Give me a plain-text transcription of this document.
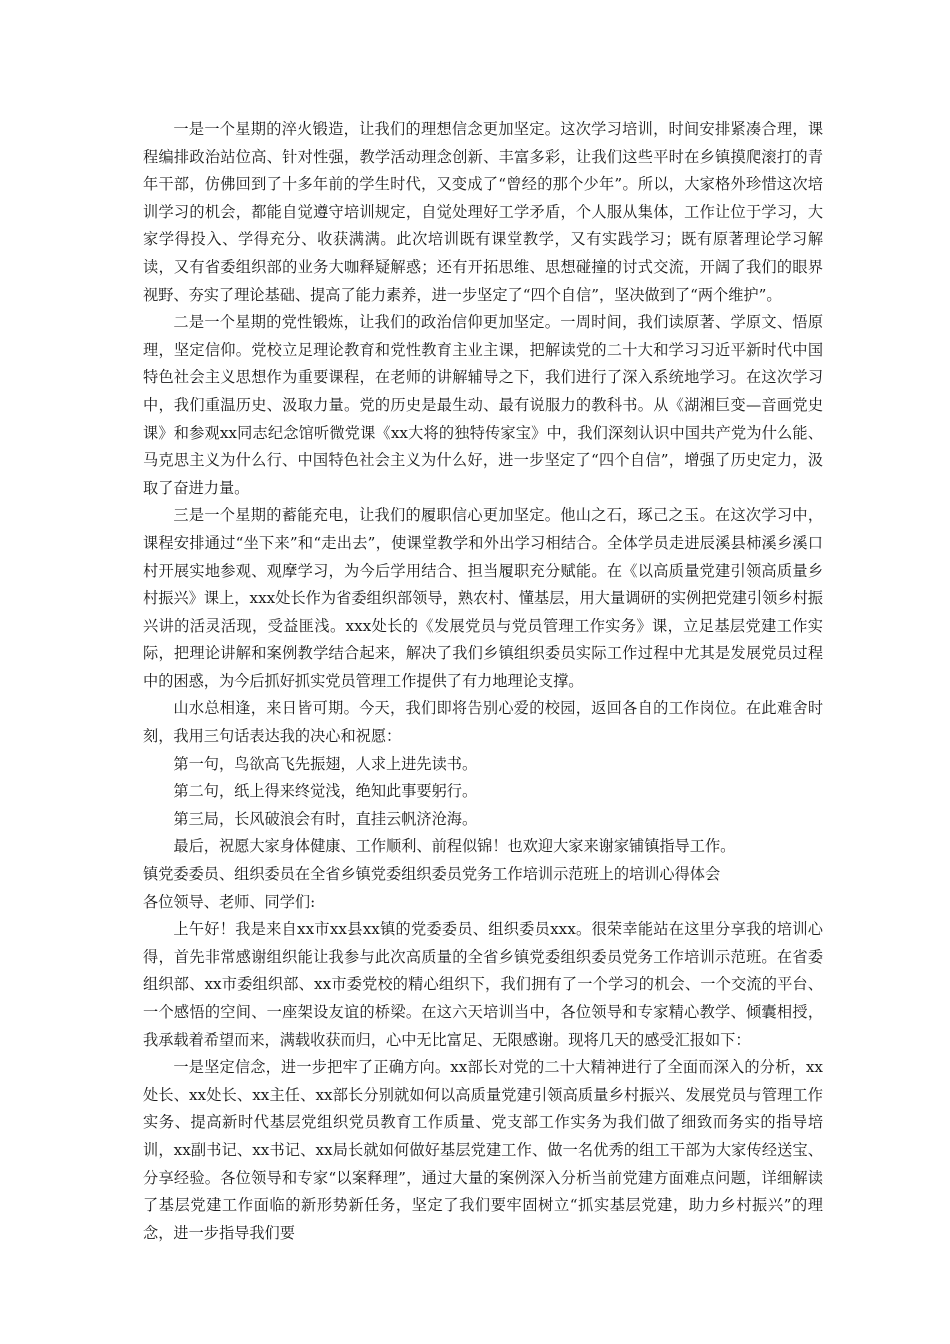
一是一个星期的淬火锻造，让我们的理想信念更加坚定。这次学习培训，时间安排紧凑合理，课程编排政治站位高、针对性强，教学活动理念创新、丰富多彩，让我们这些平时在乡镇摸爬滚打的青年干部，仿佛回到了十多年前的学生时代，又变成了“曾经的那个少年”。所以，大家格外珍惜这次培训学习的机会，都能自觉遵守培训规定，自觉处理好工学矛盾，个人服从集体，工作让位于学习，大家学得投入、学得充分、收获满满。此次培训既有课堂教学，又有实践学习；既有原著理论学习解读，又有省委组织部的业务大咖释疑解惑；还有开拓思维、思想碰撞的讨式交流，开阔了我们的眼界视野、夯实了理论基础、提高了能力素养，进一步坚定了“四个自信”，坚决做到了“两个维护”。

二是一个星期的党性锻炼，让我们的政治信仰更加坚定。一周时间，我们读原著、学原文、悟原理，坚定信仰。党校立足理论教育和党性教育主业主课，把解读党的二十大和学习习近平新时代中国特色社会主义思想作为重要课程，在老师的讲解辅导之下，我们进行了深入系统地学习。在这次学习中，我们重温历史、汲取力量。党的历史是最生动、最有说服力的教科书。从《湖湘巨变—音画党史课》和参观xx同志纪念馆听微党课《xx大将的独特传家宝》中，我们深刻认识中国共产党为什么能、马克思主义为什么行、中国特色社会主义为什么好，进一步坚定了“四个自信”，增强了历史定力，汲取了奋进力量。

三是一个星期的蓄能充电，让我们的履职信心更加坚定。他山之石，琢己之玉。在这次学习中，课程安排通过“坐下来”和“走出去”，使课堂教学和外出学习相结合。全体学员走进辰溪县柿溪乡溪口村开展实地参观、观摩学习，为今后学用结合、担当履职充分赋能。在《以高质量党建引领高质量乡村振兴》课上，xxx处长作为省委组织部领导，熟农村、懂基层，用大量调研的实例把党建引领乡村振兴讲的活灵活现，受益匪浅。xxx处长的《发展党员与党员管理工作实务》课，立足基层党建工作实际，把理论讲解和案例教学结合起来，解决了我们乡镇组织委员实际工作过程中尤其是发展党员过程中的困惑，为今后抓好抓实党员管理工作提供了有力地理论支撑。

山水总相逢，来日皆可期。今天，我们即将告别心爱的校园，返回各自的工作岗位。在此难舍时刻，我用三句话表达我的决心和祝愿：

第一句，鸟欲高飞先振翅，人求上进先读书。

第二句，纸上得来终觉浅，绝知此事要躬行。

第三局，长风破浪会有时，直挂云帆济沧海。

最后，祝愿大家身体健康、工作顺利、前程似锦！也欢迎大家来谢家铺镇指导工作。

镇党委委员、组织委员在全省乡镇党委组织委员党务工作培训示范班上的培训心得体会

各位领导、老师、同学们:

上午好！我是来自xx市xx县xx镇的党委委员、组织委员xxx。很荣幸能站在这里分享我的培训心得，首先非常感谢组织能让我参与此次高质量的全省乡镇党委组织委员党务工作培训示范班。在省委组织部、xx市委组织部、xx市委党校的精心组织下，我们拥有了一个学习的机会、一个交流的平台、一个感悟的空间、一座架设友谊的桥梁。在这六天培训当中，各位领导和专家精心教学、倾囊相授，我承载着希望而来，满载收获而归，心中无比富足、无限感谢。现将几天的感受汇报如下：

一是坚定信念，进一步把牢了正确方向。xx部长对党的二十大精神进行了全面而深入的分析，xx处长、xx处长、xx主任、xx部长分别就如何以高质量党建引领高质量乡村振兴、发展党员与管理工作实务、提高新时代基层党组织党员教育工作质量、党支部工作实务为我们做了细致而务实的指导培训，xx副书记、xx书记、xx局长就如何做好基层党建工作、做一名优秀的组工干部为大家传经送宝、分享经验。各位领导和专家“以案释理”，通过大量的案例深入分析当前党建方面难点问题，详细解读了基层党建工作面临的新形势新任务，坚定了我们要牢固树立“抓实基层党建，助力乡村振兴”的理念，进一步指导我们要
